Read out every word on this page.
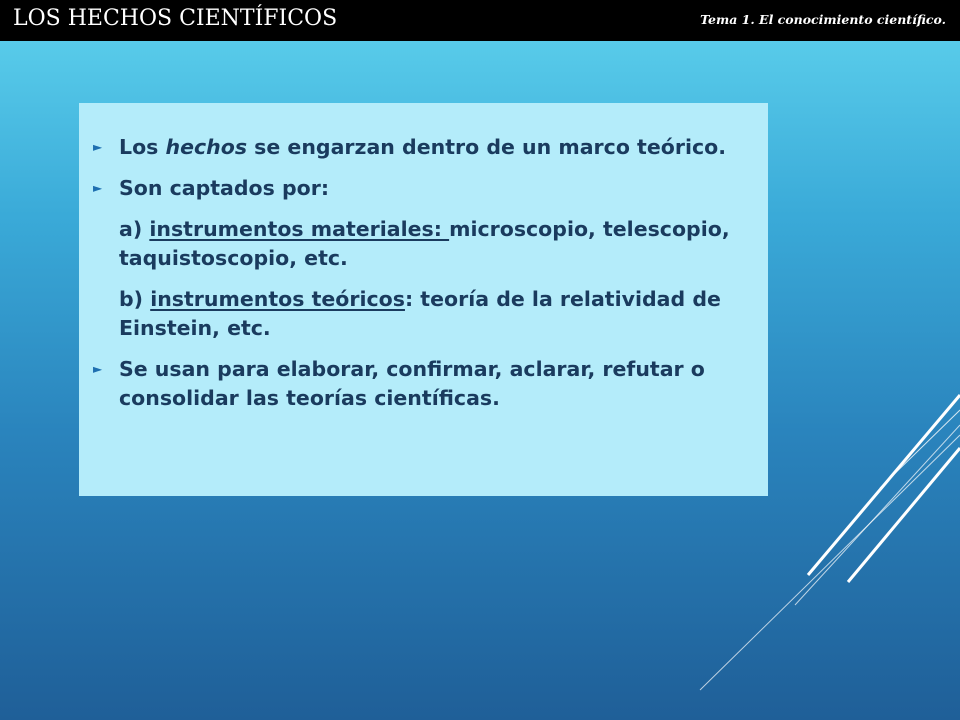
LOS HECHOS CIENTÍFICOS	Tema 1. El conocimiento científico.
► Los hechos se engarzan dentro de un marco teórico.
► Son captados por:
a) instrumentos materiales: microscopio, telescopio, taquistoscopio, etc.
b) instrumentos teóricos: teoría de la relatividad de Einstein, etc.
► Se usan para elaborar, confirmar, aclarar, refutar o consolidar las teorías científicas.
